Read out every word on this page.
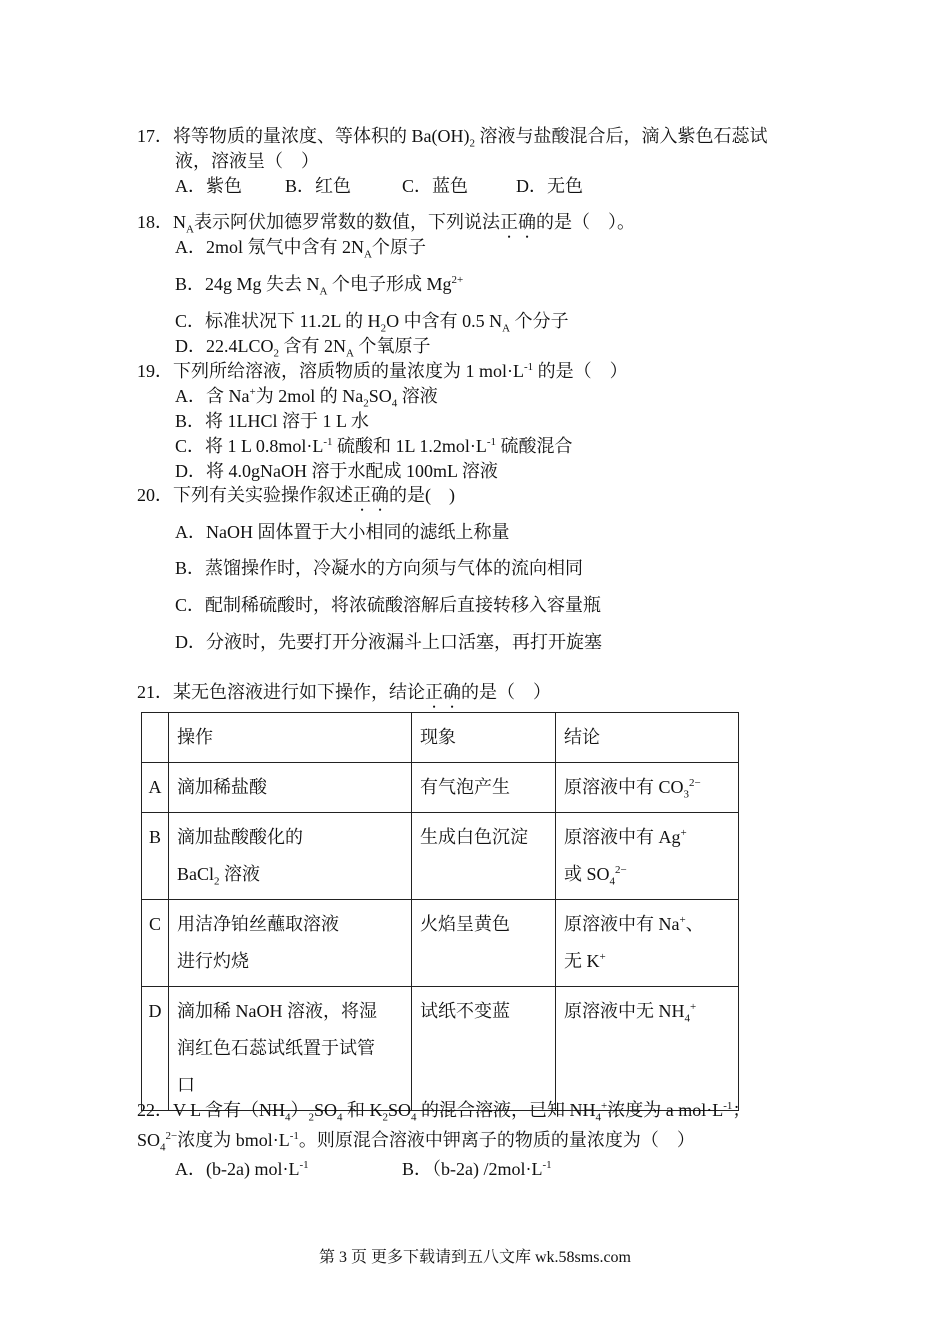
17．将等物质的量浓度、等体积的 $Ba(OH)_2$ 溶液与盐酸混合后，滴入紫色石蕊试
液，溶液呈（　）
A．紫色 B．红色	C．蓝色	D．无色
18．$N_A$表示阿伏加德罗常数的数值，下列说法正确的是（　）。
A．2mol 氖气中含有 $2N_A$个原子
B．24g Mg 失去 $N_A$ 个电子形成 $Mg^{2+}$
C．标准状况下 11.2L 的 $H_2O$ 中含有 0.5 $N_A$ 个分子
D．$22.4LCO_2$ 含有 $2N_A$ 个氧原子
19．下列所给溶液，溶质物质的量浓度为 1 $mol\cdot L^{-1}$ 的是（　）
A．含 Na+为 2mol 的 $Na_2SO_4$ 溶液
B．将 1LHCl 溶于 1 L 水
C．将 1 L $0.8mol\cdot L^{-1}$ 硫酸和 1L $1.2mol\cdot L^{-1}$ 硫酸混合
D．将 4.0gNaOH 溶于水配成 100mL 溶液
20．下列有关实验操作叙述正确的是(　)
A．NaOH 固体置于大小相同的滤纸上称量
B．蒸馏操作时，冷凝水的方向须与气体的流向相同
C．配制稀硫酸时，将浓硫酸溶解后直接转移入容量瓶
D．分液时，先要打开分液漏斗上口活塞，再打开旋塞
21．某无色溶液进行如下操作，结论正确的是（　）
	操作	现象	结论
A	滴加稀盐酸	有气泡产生	原溶液中有 $CO_3^{2-}$
B	滴加盐酸酸化的
BaCl$_2$ 溶液	生成白色沉淀	原溶液中有 Ag+
或 $SO_4^{2-}$
C	用洁净铂丝蘸取溶液
进行灼烧	火焰呈黄色	原溶液中有 Na+、
无 K+
D	滴加稀 NaOH 溶液，将湿
润红色石蕊试纸置于试管
口	试纸不变蓝	原溶液中无 $NH_4^+$
22．V L 含有$(NH_4)_2SO_4$ 和 $K_2SO_4$ 的混合溶液，已知 $NH_4^+$浓度为 a $mol\cdot L^{-1}$；
$SO_4^{2-}$浓度为 $bmol\cdot L^{-1}$。则原混合溶液中钾离子的物质的量浓度为（　）
A．(b-2a) $mol\cdot L^{-1}$	B．（b-2a) $/2mol\cdot L^{-1}$
第 3 页 更多下载请到五八文库 wk.58sms.com
